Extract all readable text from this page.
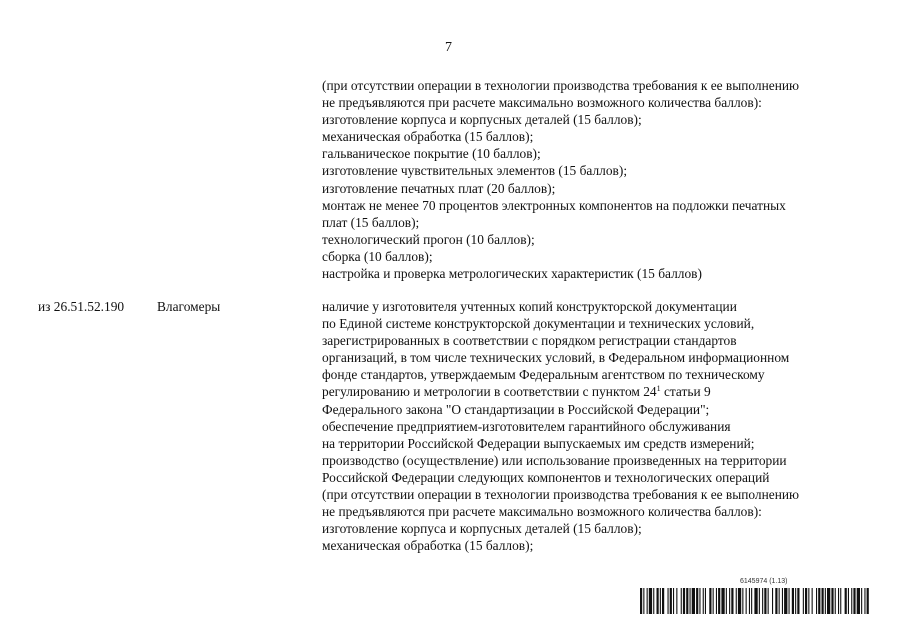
7
(при отсутствии операции в технологии производства требования к ее выполнению
не предъявляются при расчете максимально возможного количества баллов):
изготовление корпуса и корпусных деталей (15 баллов);
механическая обработка (15 баллов);
гальваническое покрытие (10 баллов);
изготовление чувствительных элементов (15 баллов);
изготовление печатных плат (20 баллов);
монтаж не менее 70 процентов электронных компонентов на подложки печатных
плат (15 баллов);
технологический прогон (10 баллов);
сборка (10 баллов);
настройка и проверка метрологических характеристик (15 баллов)
из 26.51.52.190 Влагомеры	наличие у изготовителя учтенных копий конструкторской документации
по Единой системе конструкторской документации и технических условий,
зарегистрированных в соответствии с порядком регистрации стандартов
организаций, в том числе технических условий, в Федеральном информационном
фонде стандартов, утверждаемым Федеральным агентством по техническому
регулированию и метрологии в соответствии с пунктом $24^1$ статьи 9
Федерального закона "О стандартизации в Российской Федерации";
обеспечение предприятием-изготовителем гарантийного обслуживания
на территории Российской Федерации выпускаемых им средств измерений;
производство (осуществление) или использование произведенных на территории
Российской Федерации следующих компонентов и технологических операций
(при отсутствии операции в технологии производства требования к ее выполнению
не предъявляются при расчете максимально возможного количества баллов):
изготовление корпуса и корпусных деталей (15 баллов);
механическая обработка (15 баллов);
6145974 (1.13)
